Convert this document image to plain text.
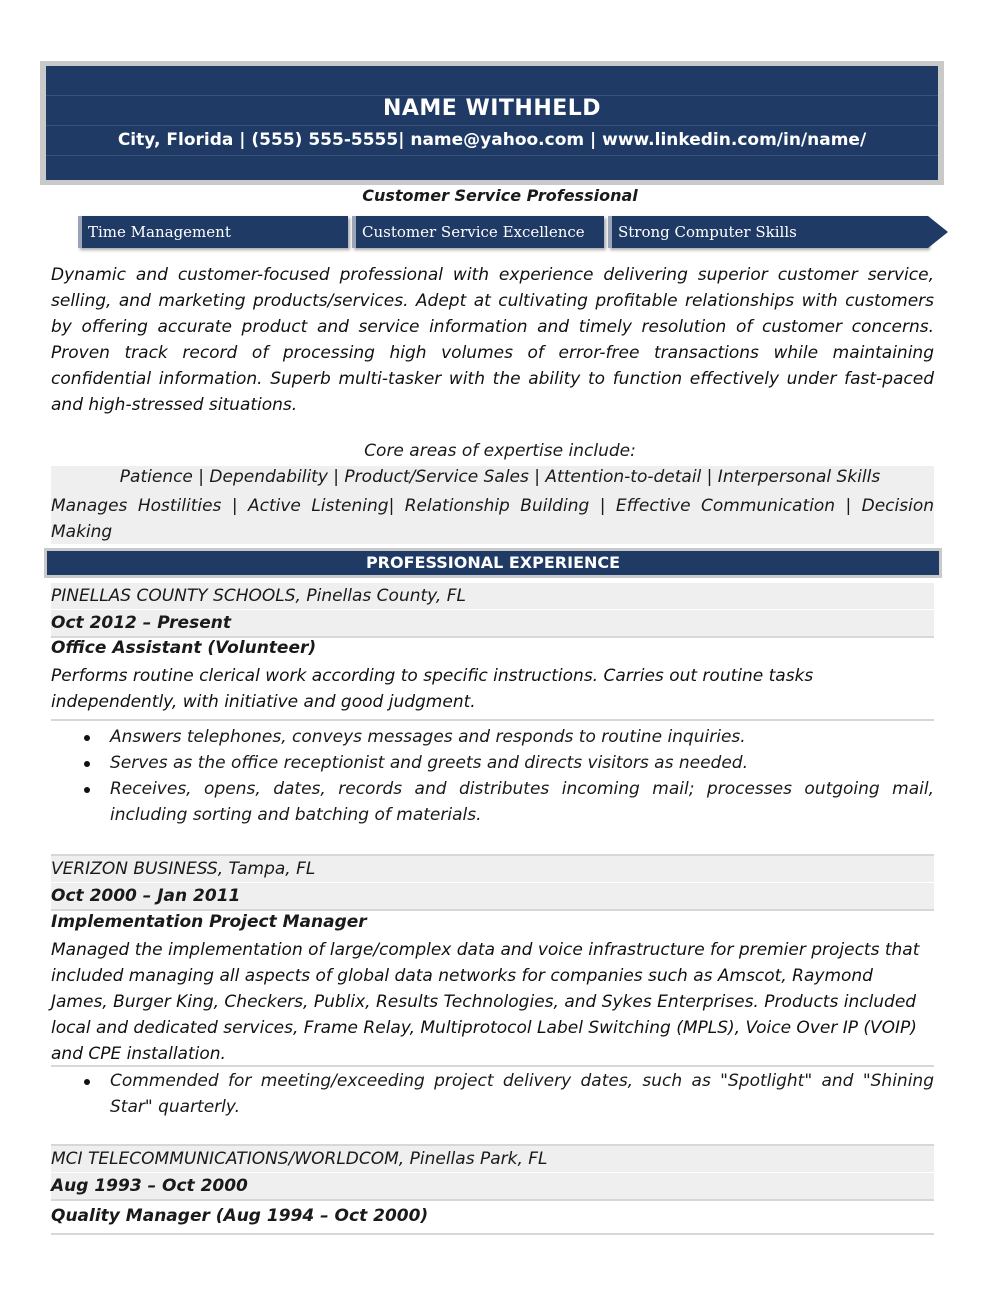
NAME WITHHELD
City, Florida | (555) 555-5555| name@yahoo.com | www.linkedin.com/in/name/
Customer Service Professional
Time Management	Customer Service Excellence	Strong Computer Skills
Dynamic and customer-focused professional with experience delivering superior customer service, selling, and marketing products/services. Adept at cultivating profitable relationships with customers by offering accurate product and service information and timely resolution of customer concerns. Proven track record of processing high volumes of error-free transactions while maintaining confidential information. Superb multi-tasker with the ability to function effectively under fast-paced and high-stressed situations.
Core areas of expertise include:
Patience | Dependability | Product/Service Sales | Attention-to-detail | Interpersonal Skills
Manages Hostilities | Active Listening| Relationship Building | Effective Communication | Decision Making
PROFESSIONAL EXPERIENCE
PINELLAS COUNTY SCHOOLS, Pinellas County, FL
Oct 2012 – Present
Office Assistant (Volunteer)
Performs routine clerical work according to specific instructions. Carries out routine tasks independently, with initiative and good judgment.
Answers telephones, conveys messages and responds to routine inquiries.
Serves as the office receptionist and greets and directs visitors as needed.
Receives, opens, dates, records and distributes incoming mail; processes outgoing mail, including sorting and batching of materials.
VERIZON BUSINESS, Tampa, FL
Oct 2000 – Jan 2011
Implementation Project Manager
Managed the implementation of large/complex data and voice infrastructure for premier projects that included managing all aspects of global data networks for companies such as Amscot, Raymond James, Burger King, Checkers, Publix, Results Technologies, and Sykes Enterprises. Products included local and dedicated services, Frame Relay, Multiprotocol Label Switching (MPLS), Voice Over IP (VOIP) and CPE installation.
Commended for meeting/exceeding project delivery dates, such as "Spotlight" and "Shining Star" quarterly.
MCI TELECOMMUNICATIONS/WORLDCOM, Pinellas Park, FL
Aug 1993 – Oct 2000
Quality Manager (Aug 1994 – Oct 2000)
